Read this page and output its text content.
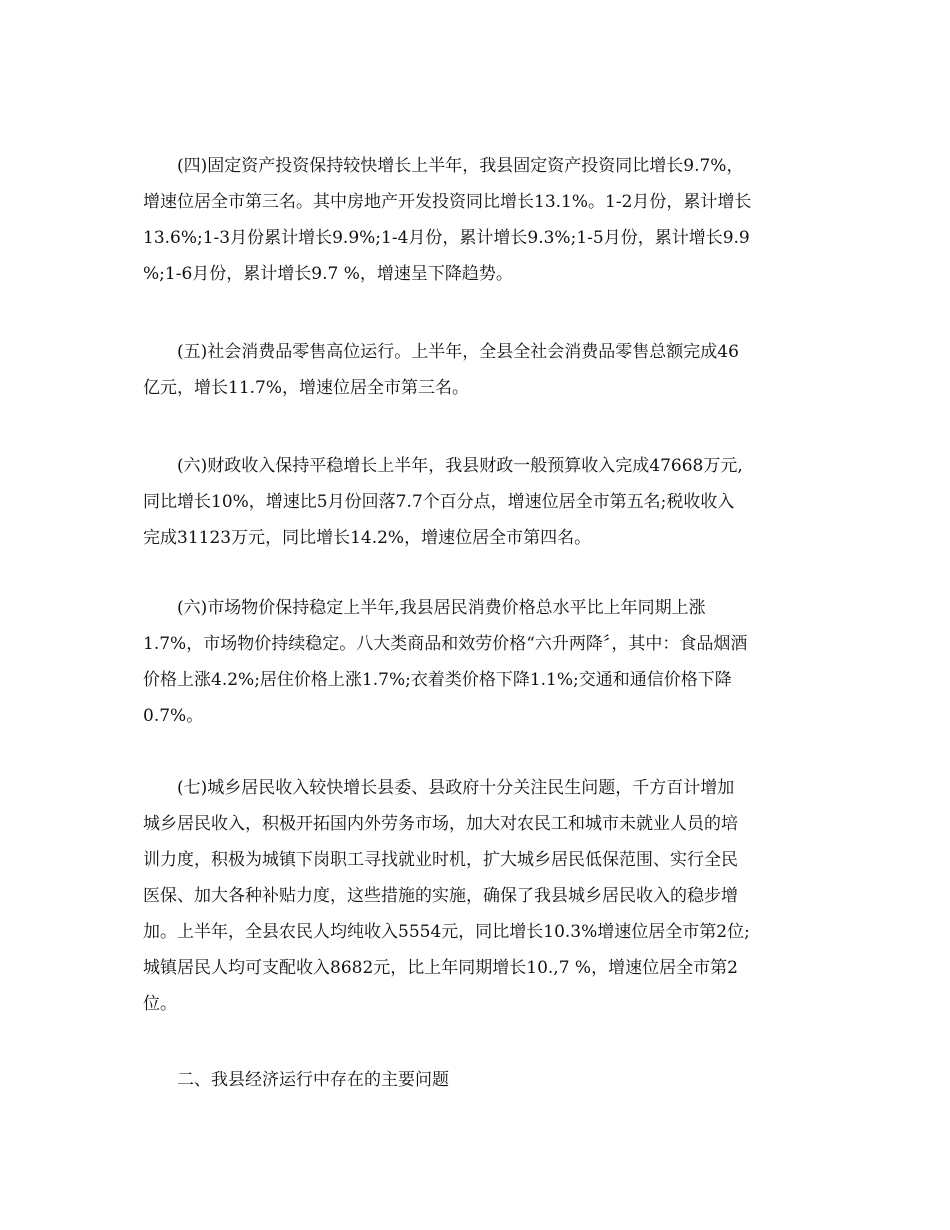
(四)固定资产投资保持较快增长上半年，我县固定资产投资同比增长9.7%，
增速位居全市第三名。其中房地产开发投资同比增长13.1%。1-2月份，累计增长
13.6%;1-3月份累计增长9.9%;1-4月份，累计增长9.3%;1-5月份，累计增长9.9
%;1-6月份，累计增长9.7 %，增速呈下降趋势。
(五)社会消费品零售高位运行。上半年，全县全社会消费品零售总额完成46
亿元，增长11.7%，增速位居全市第三名。
(六)财政收入保持平稳增长上半年，我县财政一般预算收入完成47668万元,
同比增长10%，增速比5月份回落7.7个百分点，增速位居全市第五名;税收收入
完成31123万元，同比增长14.2%，增速位居全市第四名。
(六)市场物价保持稳定上半年,我县居民消费价格总水平比上年同期上涨
1.7%，市场物价持续稳定。八大类商品和效劳价格“六升两降〞，其中：食品烟酒
价格上涨4.2%;居住价格上涨1.7%;衣着类价格下降1.1%;交通和通信价格下降
0.7%。
(七)城乡居民收入较快增长县委、县政府十分关注民生问题，千方百计增加
城乡居民收入，积极开拓国内外劳务市场，加大对农民工和城市未就业人员的培
训力度，积极为城镇下岗职工寻找就业时机，扩大城乡居民低保范围、实行全民
医保、加大各种补贴力度，这些措施的实施，确保了我县城乡居民收入的稳步增
加。上半年，全县农民人均纯收入5554元，同比增长10.3%增速位居全市第2位;
城镇居民人均可支配收入8682元，比上年同期增长10.,7 %，增速位居全市第2
位。
二、我县经济运行中存在的主要问题
